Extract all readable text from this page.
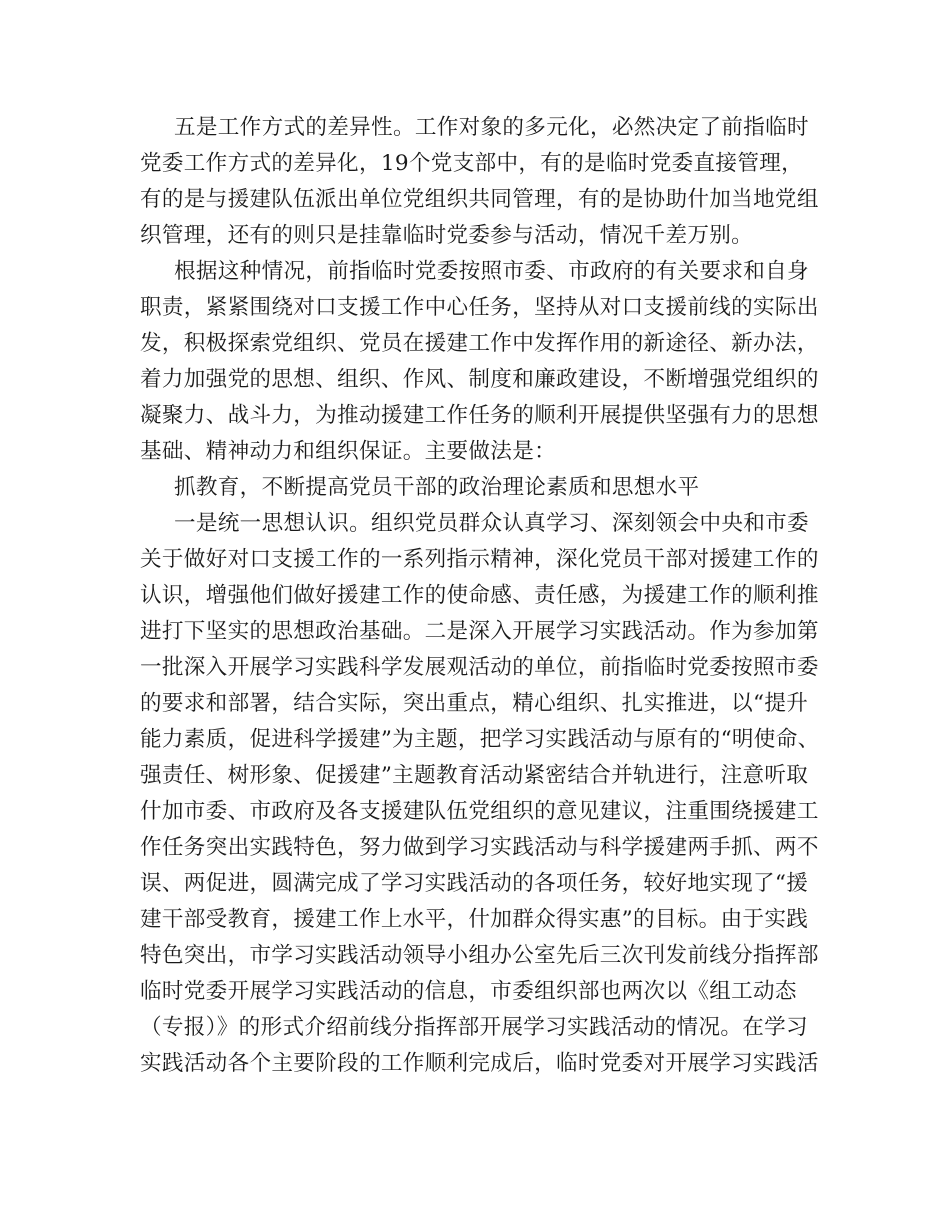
五是工作方式的差异性。工作对象的多元化，必然决定了前指临时
党委工作方式的差异化，19个党支部中，有的是临时党委直接管理，
有的是与援建队伍派出单位党组织共同管理，有的是协助什加当地党组
织管理，还有的则只是挂靠临时党委参与活动，情况千差万别。
根据这种情况，前指临时党委按照市委、市政府的有关要求和自身
职责，紧紧围绕对口支援工作中心任务，坚持从对口支援前线的实际出
发，积极探索党组织、党员在援建工作中发挥作用的新途径、新办法，
着力加强党的思想、组织、作风、制度和廉政建设，不断增强党组织的
凝聚力、战斗力，为推动援建工作任务的顺利开展提供坚强有力的思想
基础、精神动力和组织保证。主要做法是：
抓教育，不断提高党员干部的政治理论素质和思想水平
一是统一思想认识。组织党员群众认真学习、深刻领会中央和市委
关于做好对口支援工作的一系列指示精神，深化党员干部对援建工作的
认识，增强他们做好援建工作的使命感、责任感，为援建工作的顺利推
进打下坚实的思想政治基础。二是深入开展学习实践活动。作为参加第
一批深入开展学习实践科学发展观活动的单位，前指临时党委按照市委
的要求和部署，结合实际，突出重点，精心组织、扎实推进，以“提升
能力素质，促进科学援建”为主题，把学习实践活动与原有的“明使命、
强责任、树形象、促援建”主题教育活动紧密结合并轨进行，注意听取
什加市委、市政府及各支援建队伍党组织的意见建议，注重围绕援建工
作任务突出实践特色，努力做到学习实践活动与科学援建两手抓、两不
误、两促进，圆满完成了学习实践活动的各项任务，较好地实现了“援
建干部受教育，援建工作上水平，什加群众得实惠”的目标。由于实践
特色突出，市学习实践活动领导小组办公室先后三次刊发前线分指挥部
临时党委开展学习实践活动的信息，市委组织部也两次以《组工动态
（专报）》的形式介绍前线分指挥部开展学习实践活动的情况。在学习
实践活动各个主要阶段的工作顺利完成后，临时党委对开展学习实践活
